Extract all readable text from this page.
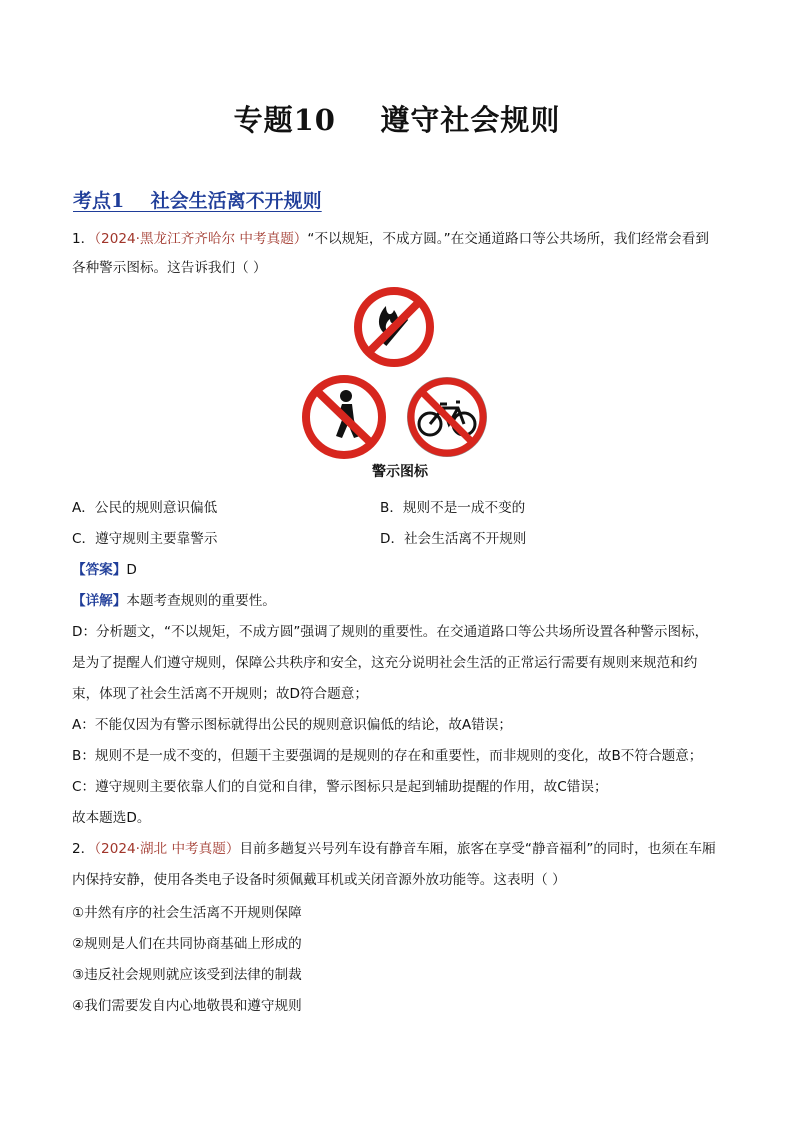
专题10    遵守社会规则
考点1    社会生活离不开规则
1．（2024·黑龙江齐齐哈尔 中考真题）“不以规矩，不成方圆。”在交通道路口等公共场所，我们经常会看到
各种警示图标。这告诉我们（ ）
警示图标
A．公民的规则意识偏低	B．规则不是一成不变的
C．遵守规则主要靠警示	D．社会生活离不开规则
【答案】D
【详解】本题考查规则的重要性。
D：分析题文，“不以规矩，不成方圆”强调了规则的重要性。在交通道路口等公共场所设置各种警示图标，
是为了提醒人们遵守规则，保障公共秩序和安全，这充分说明社会生活的正常运行需要有规则来规范和约
束，体现了社会生活离不开规则；故D符合题意；
A：不能仅因为有警示图标就得出公民的规则意识偏低的结论，故A错误；
B：规则不是一成不变的，但题干主要强调的是规则的存在和重要性，而非规则的变化，故B不符合题意；
C：遵守规则主要依靠人们的自觉和自律，警示图标只是起到辅助提醒的作用，故C错误；
故本题选D。
2．（2024·湖北 中考真题）目前多趟复兴号列车设有静音车厢，旅客在享受“静音福利”的同时，也须在车厢
内保持安静，使用各类电子设备时须佩戴耳机或关闭音源外放功能等。这表明（ ）
①井然有序的社会生活离不开规则保障
②规则是人们在共同协商基础上形成的
③违反社会规则就应该受到法律的制裁
④我们需要发自内心地敬畏和遵守规则
